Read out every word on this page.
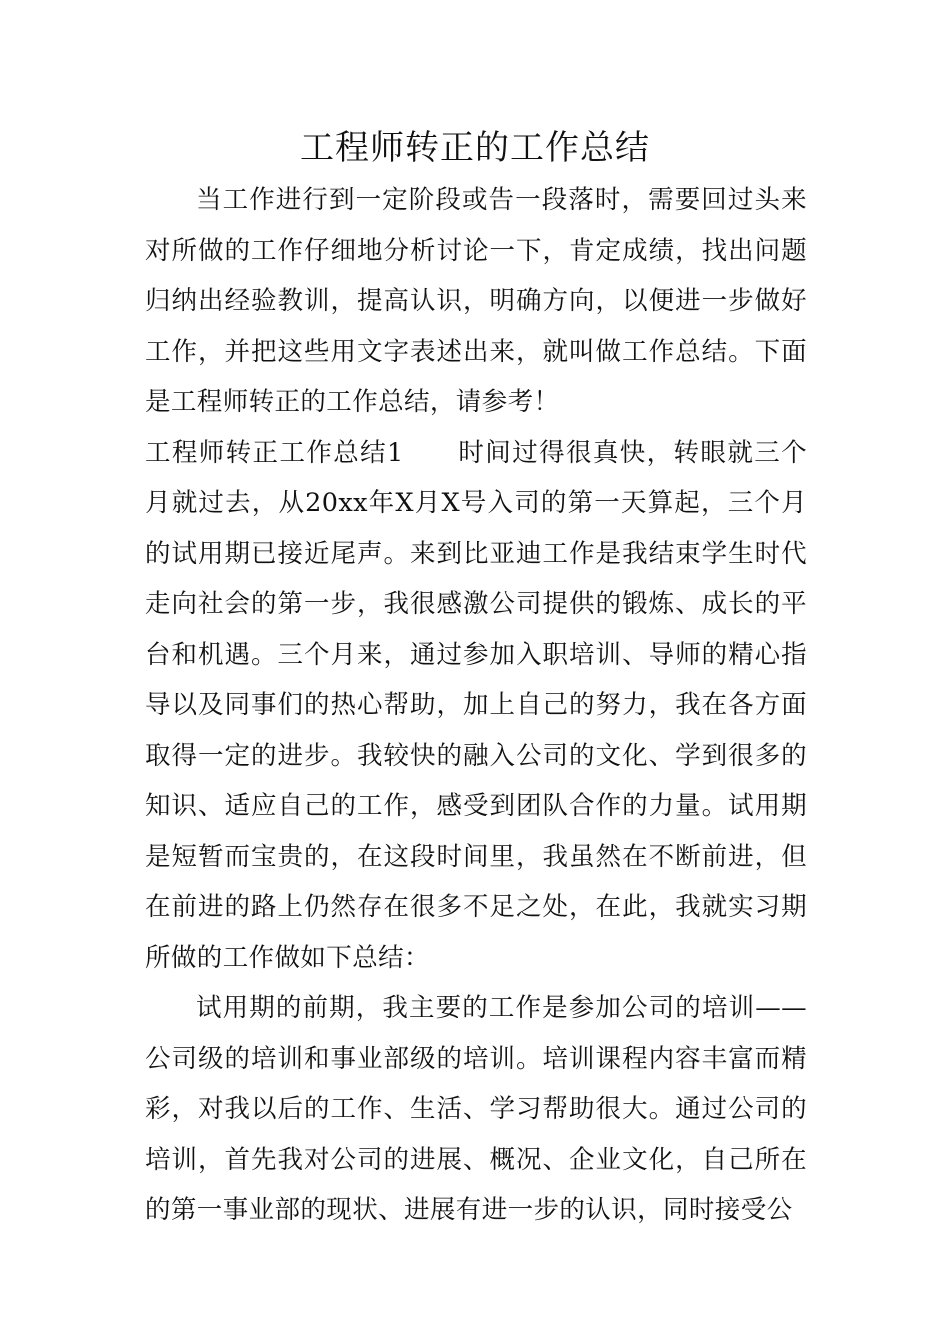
工程师转正的工作总结

当工作进行到一定阶段或告一段落时，需要回过头来对所做的工作仔细地分析讨论一下，肯定成绩，找出问题归纳出经验教训，提高认识，明确方向，以便进一步做好工作，并把这些用文字表述出来，就叫做工作总结。下面是工程师转正的工作总结，请参考！

工程师转正工作总结1　　 时间过得很真快，转眼就三个月就过去，从20xx年X月X号入司的第一天算起，三个月的试用期已接近尾声。来到比亚迪工作是我结束学生时代走向社会的第一步，我很感激公司提供的锻炼、成长的平台和机遇。三个月来，通过参加入职培训、导师的精心指导以及同事们的热心帮助，加上自己的努力，我在各方面取得一定的进步。我较快的融入公司的文化、学到很多的知识、适应自己的工作，感受到团队合作的力量。试用期是短暂而宝贵的，在这段时间里，我虽然在不断前进，但在前进的路上仍然存在很多不足之处，在此，我就实习期所做的工作做如下总结：

试用期的前期，我主要的工作是参加公司的培训——公司级的培训和事业部级的培训。培训课程内容丰富而精彩，对我以后的工作、生活、学习帮助很大。通过公司的培训，首先我对公司的进展、概况、企业文化，自己所在的第一事业部的现状、进展有进一步的认识，同时接受公
